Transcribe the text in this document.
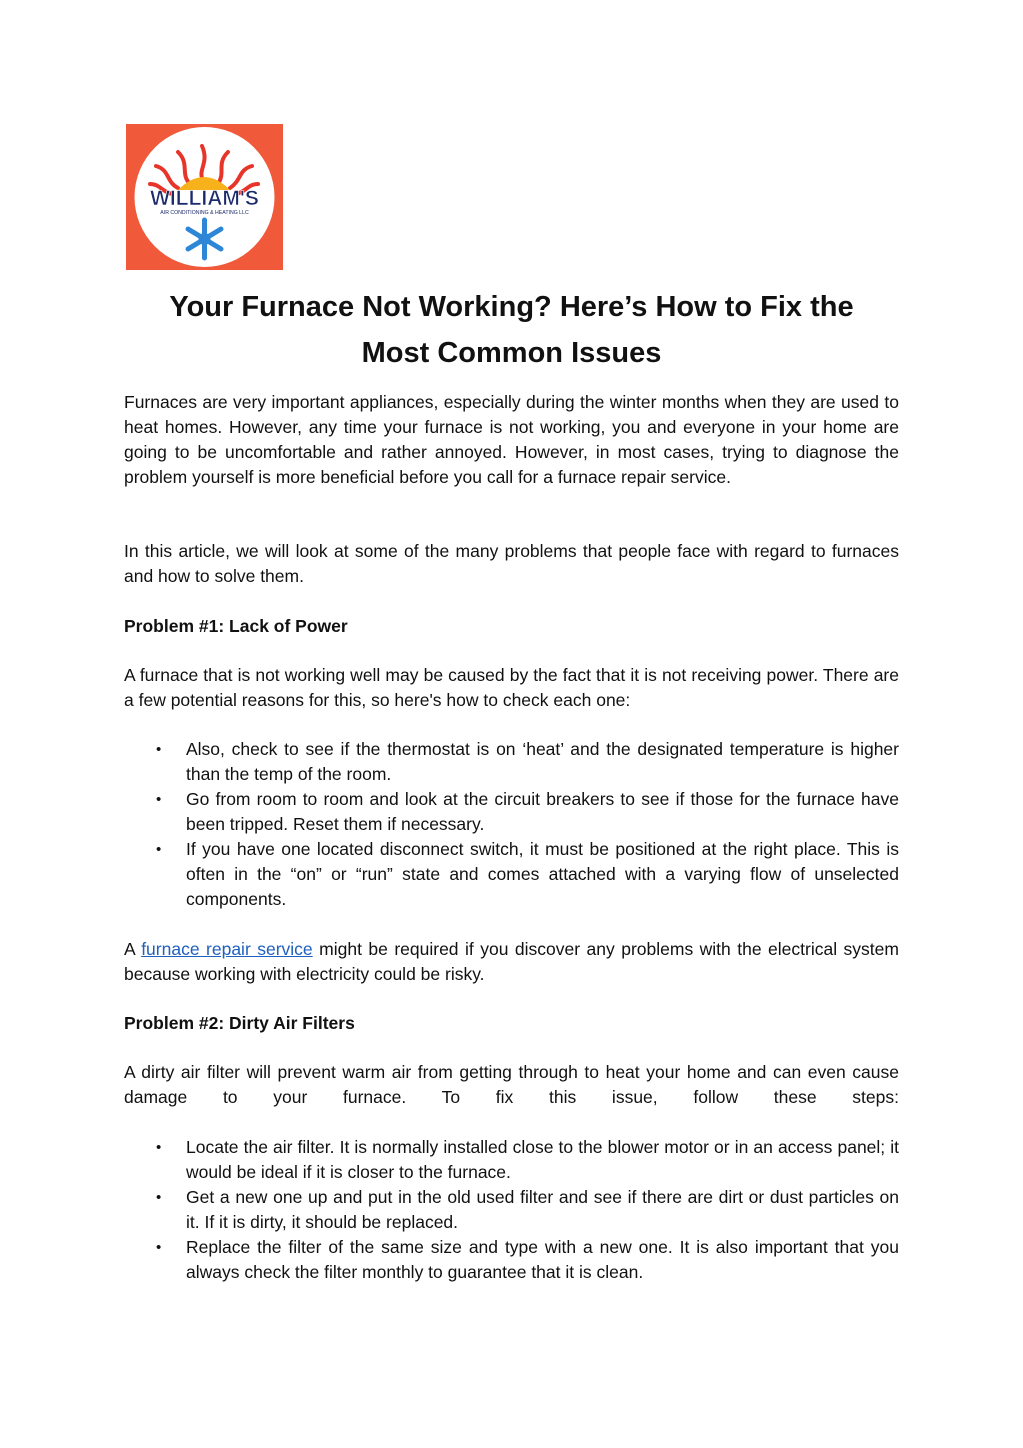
WILLIAM'S
AIR CONDITIONING & HEATING LLC
Your Furnace Not Working? Here’s How to Fix the
Most Common Issues

Furnaces are very important appliances, especially during the winter months when they are used to heat homes. However, any time your furnace is not working, you and everyone in your home are going to be uncomfortable and rather annoyed. However, in most cases, trying to diagnose the problem yourself is more beneficial before you call for a furnace repair service.

In this article, we will look at some of the many problems that people face with regard to furnaces and how to solve them.

Problem #1: Lack of Power

A furnace that is not working well may be caused by the fact that it is not receiving power. There are a few potential reasons for this, so here's how to check each one:

• Also, check to see if the thermostat is on ‘heat’ and the designated temperature is higher than the temp of the room.
• Go from room to room and look at the circuit breakers to see if those for the furnace have been tripped. Reset them if necessary.
• If you have one located disconnect switch, it must be positioned at the right place. This is often in the “on” or “run” state and comes attached with a varying flow of unselected components.

A furnace repair service might be required if you discover any problems with the electrical system because working with electricity could be risky.

Problem #2: Dirty Air Filters

A dirty air filter will prevent warm air from getting through to heat your home and can even cause damage to your furnace. To fix this issue, follow these steps:

• Locate the air filter. It is normally installed close to the blower motor or in an access panel; it would be ideal if it is closer to the furnace.
• Get a new one up and put in the old used filter and see if there are dirt or dust particles on it. If it is dirty, it should be replaced.
• Replace the filter of the same size and type with a new one. It is also important that you always check the filter monthly to guarantee that it is clean.
